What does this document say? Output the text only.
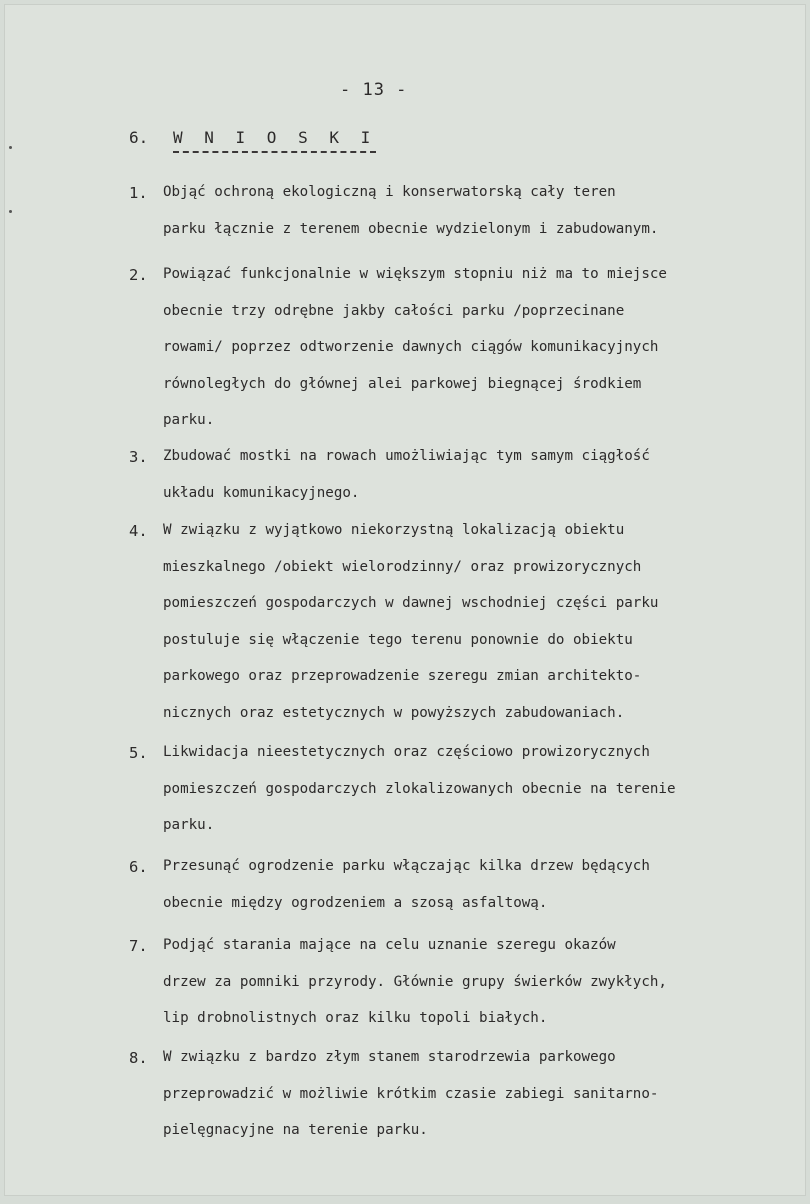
- 13 -
6. W N I O S K I
1. Objąć ochroną ekologiczną i konserwatorską cały teren
parku łącznie z terenem obecnie wydzielonym i zabudowanym.
2. Powiązać funkcjonalnie w większym stopniu niż ma to miejsce
obecnie trzy odrębne jakby całości parku /poprzecinane
rowami/ poprzez odtworzenie dawnych ciągów komunikacyjnych
równoległych do głównej alei parkowej biegnącej środkiem
parku.
3. Zbudować mostki na rowach umożliwiając tym samym ciągłość
układu komunikacyjnego.
4. W związku z wyjątkowo niekorzystną lokalizacją obiektu
mieszkalnego /obiekt wielorodzinny/ oraz prowizorycznych
pomieszczeń gospodarczych w dawnej wschodniej części parku
postuluje się włączenie tego terenu ponownie do obiektu
parkowego oraz przeprowadzenie szeregu zmian architekto-
nicznych oraz estetycznych w powyższych zabudowaniach.
5. Likwidacja nieestetycznych oraz częściowo prowizorycznych
pomieszczeń gospodarczych zlokalizowanych obecnie na terenie
parku.
6. Przesunąć ogrodzenie parku włączając kilka drzew będących
obecnie między ogrodzeniem a szosą asfaltową.
7. Podjąć starania mające na celu uznanie szeregu okazów
drzew za pomniki przyrody. Głównie grupy świerków zwykłych,
lip drobnolistnych oraz kilku topoli białych.
8. W związku z bardzo złym stanem starodrzewia parkowego
przeprowadzić w możliwie krótkim czasie zabiegi sanitarno-
pielęgnacyjne na terenie parku.
